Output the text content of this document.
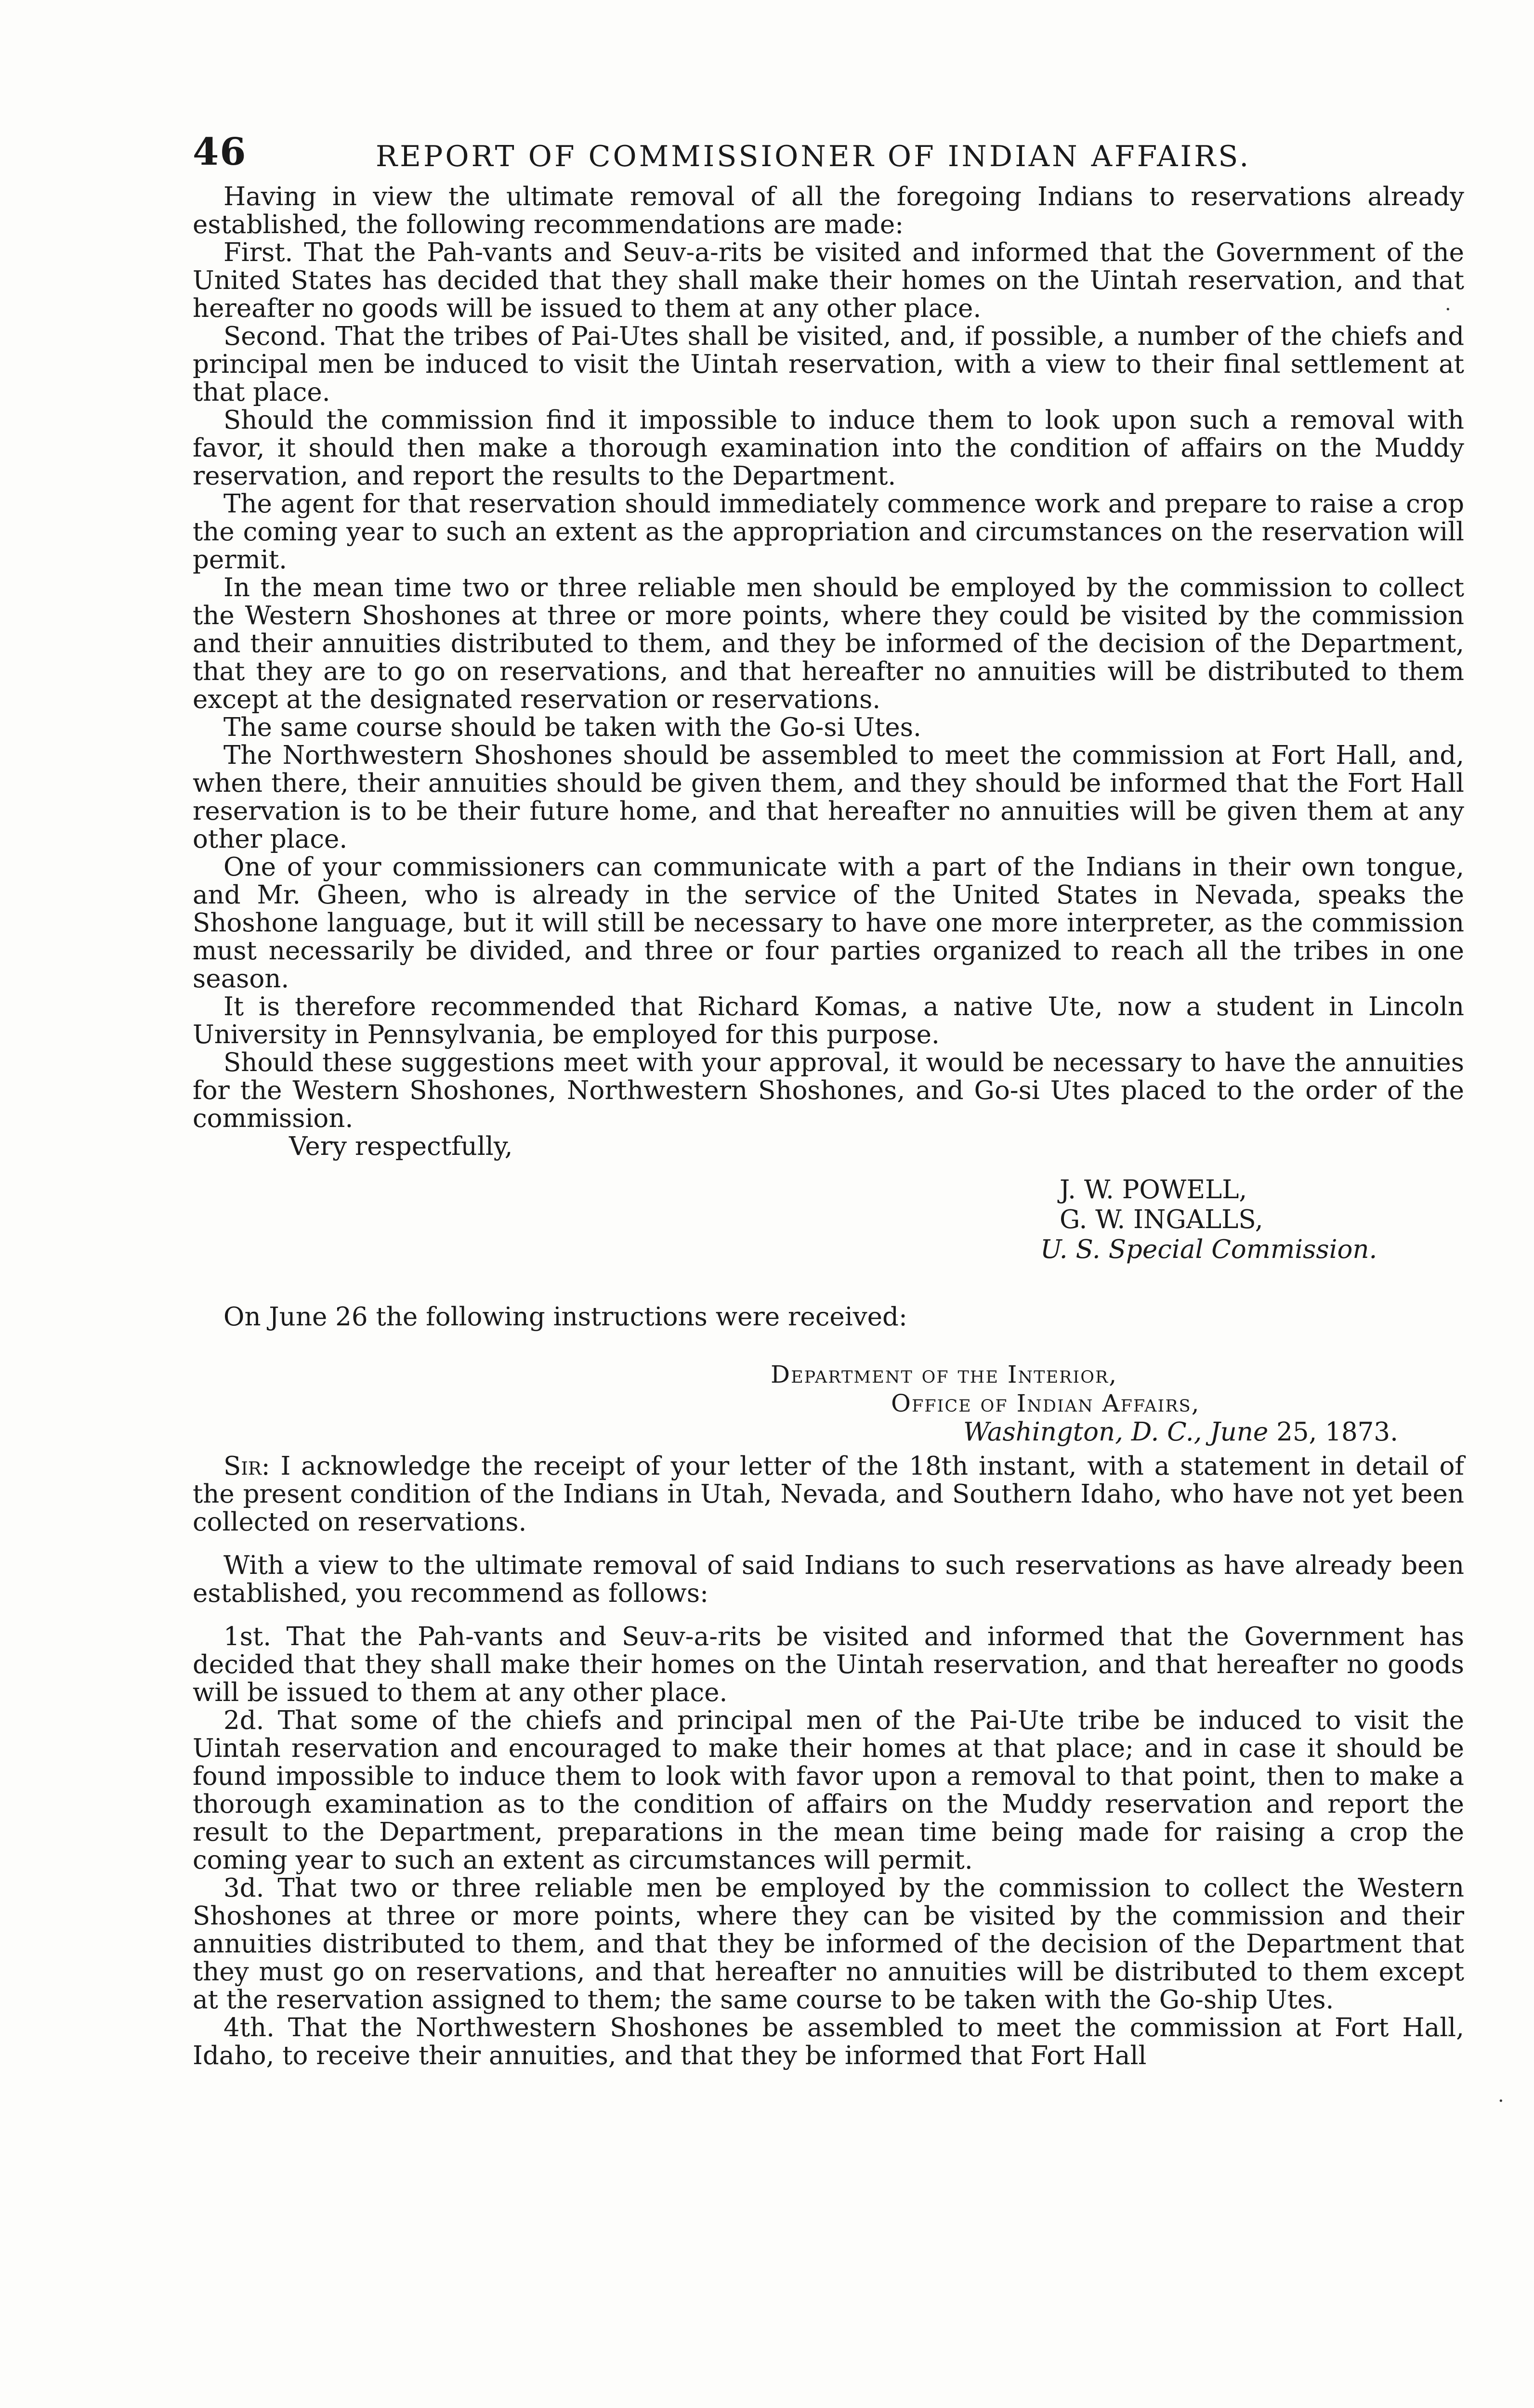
46	REPORT OF COMMISSIONER OF INDIAN AFFAIRS.

Having in view the ultimate removal of all the foregoing Indians to reservations already established, the following recommendations are made:

First. That the Pah-vants and Seuv-a-rits be visited and informed that the Government of the United States has decided that they shall make their homes on the Uintah reservation, and that hereafter no goods will be issued to them at any other place.

Second. That the tribes of Pai-Utes shall be visited, and, if possible, a number of the chiefs and principal men be induced to visit the Uintah reservation, with a view to their final settlement at that place.

Should the commission find it impossible to induce them to look upon such a removal with favor, it should then make a thorough examination into the condition of affairs on the Muddy reservation, and report the results to the Department.

The agent for that reservation should immediately commence work and prepare to raise a crop the coming year to such an extent as the appropriation and circumstances on the reservation will permit.

In the mean time two or three reliable men should be employed by the commission to collect the Western Shoshones at three or more points, where they could be visited by the commission and their annuities distributed to them, and they be informed of the decision of the Department, that they are to go on reservations, and that hereafter no annuities will be distributed to them except at the designated reservation or reservations.

The same course should be taken with the Go-si Utes.

The Northwestern Shoshones should be assembled to meet the commission at Fort Hall, and, when there, their annuities should be given them, and they should be informed that the Fort Hall reservation is to be their future home, and that hereafter no annuities will be given them at any other place.

One of your commissioners can communicate with a part of the Indians in their own tongue, and Mr. Gheen, who is already in the service of the United States in Nevada, speaks the Shoshone language, but it will still be necessary to have one more interpreter, as the commission must necessarily be divided, and three or four parties organized to reach all the tribes in one season.

It is therefore recommended that Richard Komas, a native Ute, now a student in Lincoln University in Pennsylvania, be employed for this purpose.

Should these suggestions meet with your approval, it would be necessary to have the annuities for the Western Shoshones, Northwestern Shoshones, and Go-si Utes placed to the order of the commission.

Very respectfully,
J. W. POWELL,
G. W. INGALLS,
U. S. Special Commission.
On June 26 the following instructions were received:
Department of the Interior,
Office of Indian Affairs,
Washington, D. C., June 25, 1873.

Sir: I acknowledge the receipt of your letter of the 18th instant, with a statement in detail of the present condition of the Indians in Utah, Nevada, and Southern Idaho, who have not yet been collected on reservations.

With a view to the ultimate removal of said Indians to such reservations as have already been established, you recommend as follows:

1st. That the Pah-vants and Seuv-a-rits be visited and informed that the Government has decided that they shall make their homes on the Uintah reservation, and that hereafter no goods will be issued to them at any other place.

2d. That some of the chiefs and principal men of the Pai-Ute tribe be induced to visit the Uintah reservation and encouraged to make their homes at that place; and in case it should be found impossible to induce them to look with favor upon a removal to that point, then to make a thorough examination as to the condition of affairs on the Muddy reservation and report the result to the Department, preparations in the mean time being made for raising a crop the coming year to such an extent as circumstances will permit.

3d. That two or three reliable men be employed by the commission to collect the Western Shoshones at three or more points, where they can be visited by the commission and their annuities distributed to them, and that they be informed of the decision of the Department that they must go on reservations, and that hereafter no annuities will be distributed to them except at the reservation assigned to them; the same course to be taken with the Go-ship Utes.

4th. That the Northwestern Shoshones be assembled to meet the commission at Fort Hall, Idaho, to receive their annuities, and that they be informed that Fort Hall

·
·
